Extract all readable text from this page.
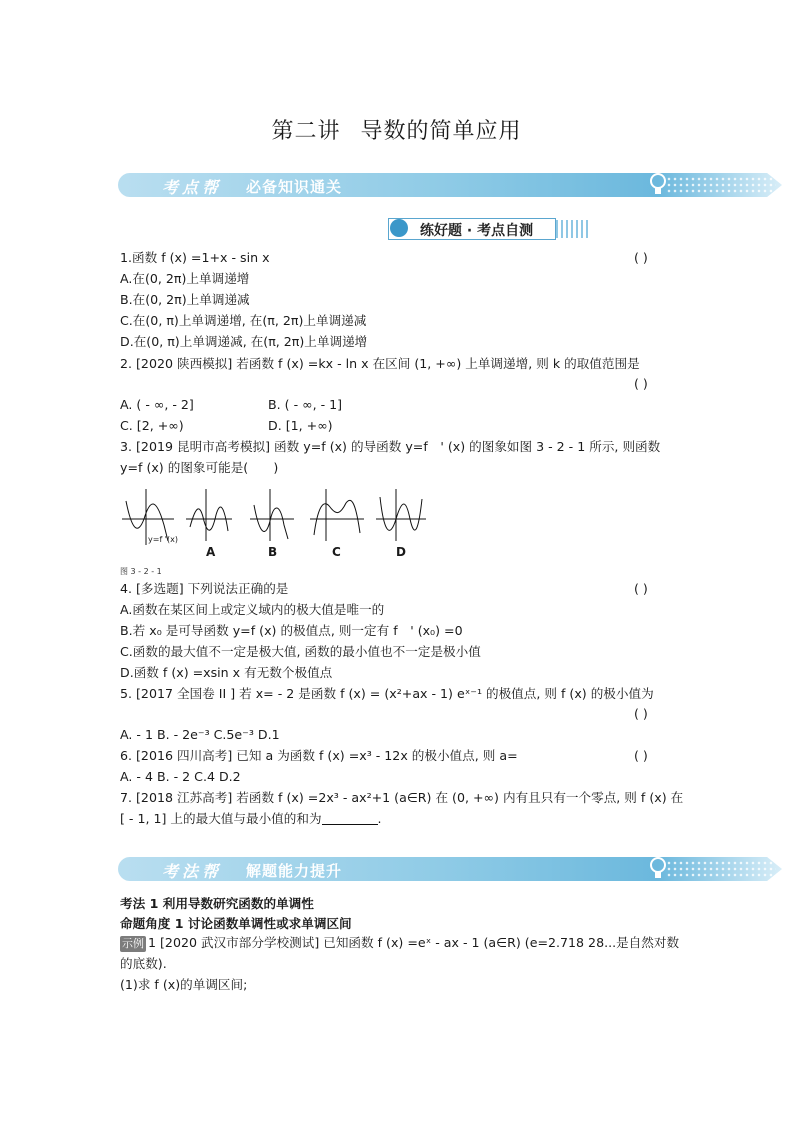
第二讲 导数的简单应用
考点帮 必备知识通关
练好题 · 考点自测
1.函数 f (x) =1+x - sin x	( )
A.在(0, 2π)上单调递增
B.在(0, 2π)上单调递减
C.在(0, π)上单调递增, 在(π, 2π)上单调递减
D.在(0, π)上单调递减, 在(π, 2π)上单调递增
2. [2020 陕西模拟] 若函数 f (x) =kx - ln x 在区间 (1, +∞) 上单调递增, 则 k 的取值范围是
( )
A. ( - ∞, - 2]	B. ( - ∞, - 1]
C. [2, +∞)	D. [1, +∞)
3. [2019 昆明市高考模拟] 函数 y=f (x) 的导函数 y=f　' (x) 的图象如图 3 - 2 - 1 所示, 则函数
y=f (x) 的图象可能是(　　)
A	B	C	D
y=f '(x)
图 3 - 2 - 1
4. [多选题] 下列说法正确的是	( )
A.函数在某区间上或定义域内的极大值是唯一的
B.若 x₀ 是可导函数 y=f (x) 的极值点, 则一定有 f　' (x₀) =0
C.函数的最大值不一定是极大值, 函数的最小值也不一定是极小值
D.函数 f (x) =xsin x 有无数个极值点
5. [2017 全国卷 II ] 若 x= - 2 是函数 f (x) = (x²+ax - 1) eˣ⁻¹ 的极值点, 则 f (x) 的极小值为
( )
A. - 1 B. - 2e⁻³ C.5e⁻³ D.1
6. [2016 四川高考] 已知 a 为函数 f (x) =x³ - 12x 的极小值点, 则 a=	( )
A. - 4 B. - 2 C.4 D.2
7. [2018 江苏高考] 若函数 f (x) =2x³ - ax²+1 (a∈R) 在 (0, +∞) 内有且只有一个零点, 则 f (x) 在
[ - 1, 1] 上的最大值与最小值的和为	.
考法帮 解题能力提升
考法 1 利用导数研究函数的单调性
命题角度 1 讨论函数单调性或求单调区间
示例 1 [2020 武汉市部分学校测试] 已知函数 f (x) =eˣ - ax - 1 (a∈R) (e=2.718 28...是自然对数
的底数).
(1)求 f (x)的单调区间;
